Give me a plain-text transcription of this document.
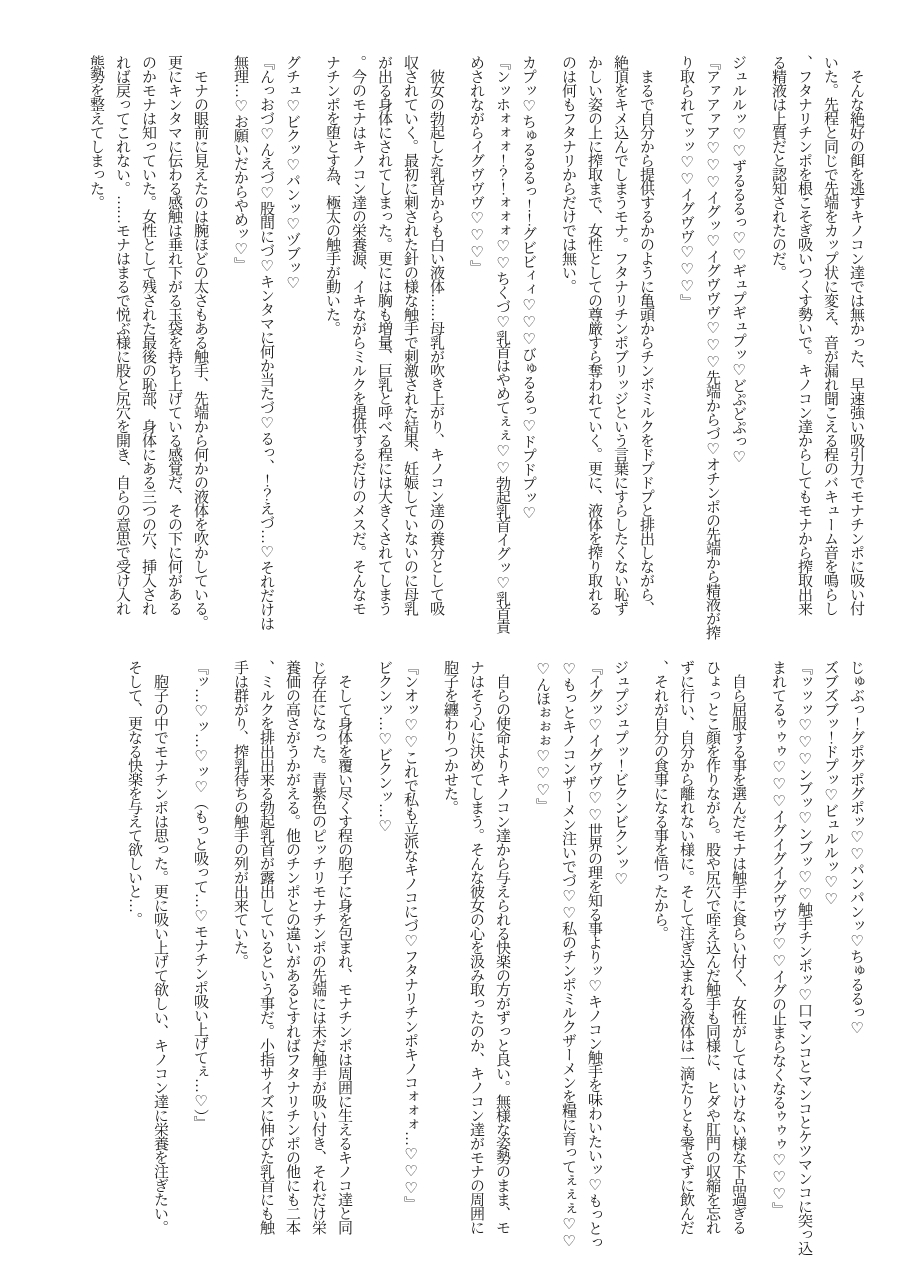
　そんな絶好の餌を逃すキノコン達では無かった、早速強い吸引力でモナチンポに吸い付
いた。先程と同じで先端をカップ状に変え、音が漏れ聞こえる程のバキューム音を鳴らし
、フタナリチンポを根こそぎ吸いつくす勢いで。キノコン達からしてもモナから搾取出来
る精液は上質だと認知されたのだ。
ジュルルッ♡♡ずるるるっ♡♡ギュプギュプッ♡どぷどぷっ♡
『アァアァア♡♡♡イグッ♡イグヴヴヴ♡♡♡先端からづ♡オチンポの先端から精液が搾
り取られてッッ♡♡イグヴヴ♡♡♡』
　まるで自分から提供するかのように亀頭からチンポミルクをドプドプと排出しながら、
絶頂をキメ込んでしまうモナ。フタナリチンポブリッジという言葉にすらしたくない恥ず
かしい姿の上に搾取まで、女性としての尊厳すら奪われていく。更に、液体を搾り取れる
のは何もフタナリからだけでは無い。
カプッ♡ちゅるるるっ！！グビビィィ♡♡♡びゅるるっ♡ドプドプッ♡
『ンッホォォォ！？！ォォォ♡♡ちくづ♡乳首はやめてぇぇ♡♡勃起乳首イグッ♡乳首責
めされながらイグヴヴヴ♡♡♡』
　彼女の勃起した乳首からも白い液体……母乳が吹き上がり、キノコン達の養分として吸
収されていく。最初に刺された針の様な触手で刺激された結果、妊娠していないのに母乳
が出る身体にされてしまった。更には胸も増量、巨乳と呼べる程には大きくされてしまう
。今のモナはキノコン達の栄養源、イキながらミルクを提供するだけのメスだ。そんなモ
ナチンポを堕とす為、極太の触手が動いた。
グチュ♡ビクッ♡パンッ♡ヅブッ♡
『んっおづ♡んえづ♡股間にづ♡キンタマに何か当たづ♡るっ、！？えづ…♡それだけは
無理…♡お願いだからやめッ♡』
　モナの眼前に見えたのは腕ほどの太さもある触手、先端から何かの液体を吹かしている。
更にキンタマに伝わる感触は垂れ下がる玉袋を持ち上げている感覚だ、その下に何がある
のかモナは知っていた。女性として残された最後の恥部、身体にある三つの穴、挿入され
れば戻ってこれない。……モナはまるで悦ぶ様に股と尻穴を開き、自らの意思で受け入れ
態勢を整えてしまった。
じゅぶっ！グポグポグポッ♡♡パンパンッ♡ちゅるるっ♡
ズブズブッ！ドプッ♡ビュルルッ♡♡
『ッッッ♡♡♡ンブッ♡ンブッ♡♡触手チンポッ♡口マンコとマンコとケツマンコに突っ込
まれてるゥゥゥ♡♡♡イグイグイグヴヴヴ♡♡イグの止まらなくなるゥゥゥ♡♡♡』
　自ら屈服する事を選んだモナは触手に食らい付く、女性がしてはいけない様な下品過ぎる
ひょっとこ顔を作りながら。股や尻穴で咥え込んだ触手も同様に、ヒダや肛門の収縮を忘れ
ずに行い、自分から離れない様に。そして注ぎ込まれる液体は一滴たりとも零さずに飲んだ
、それが自分の食事になる事を悟ったから。
ジュプジュプッ！ビクンビクンッ♡
『イグッ♡イグヴヴ♡♡世界の理を知る事よりッ♡キノコン触手を味わいたいッ♡もっとっ
♡もっとキノコンザーメン注いでづ♡♡私のチンポミルクザーメンを糧に育ってぇぇぇ♡♡
♡んほぉぉぉ♡♡♡』
　自らの使命よりキノコン達から与えられる快楽の方がずっと良い。無様な姿勢のまま、モ
ナはそう心に決めてしまう。そんな彼女の心を汲み取ったのか、キノコン達がモナの周囲に
胞子を纏わりつかせた。
『ンオッ♡♡これで私も立派なキノコにづ♡フタナリチンポキノコォォォ…♡♡♡』
ビクンッ…♡ビクンッ…♡
　そして身体を覆い尽くす程の胞子に身を包まれ、モナチンポは周囲に生えるキノコ達と同
じ存在になった。青紫色のピッチリモナチンポの先端には未だ触手が吸い付き、それだけ栄
養価の高さがうかがえる。他のチンポとの違いがあるとすればフタナリチンポの他にも二本
、ミルクを排出出来る勃起乳首が露出しているという事だ。小指サイズに伸びた乳首にも触
手は群がり、搾乳待ちの触手の列が出来ていた。
『ッ…♡ッ…♡ッ♡（もっと吸って…♡モナチンポ吸い上げてぇ…♡）』
　胞子の中でモナチンポは思った。更に吸い上げて欲しい、キノコン達に栄養を注ぎたい。
そして、更なる快楽を与えて欲しいと…。
